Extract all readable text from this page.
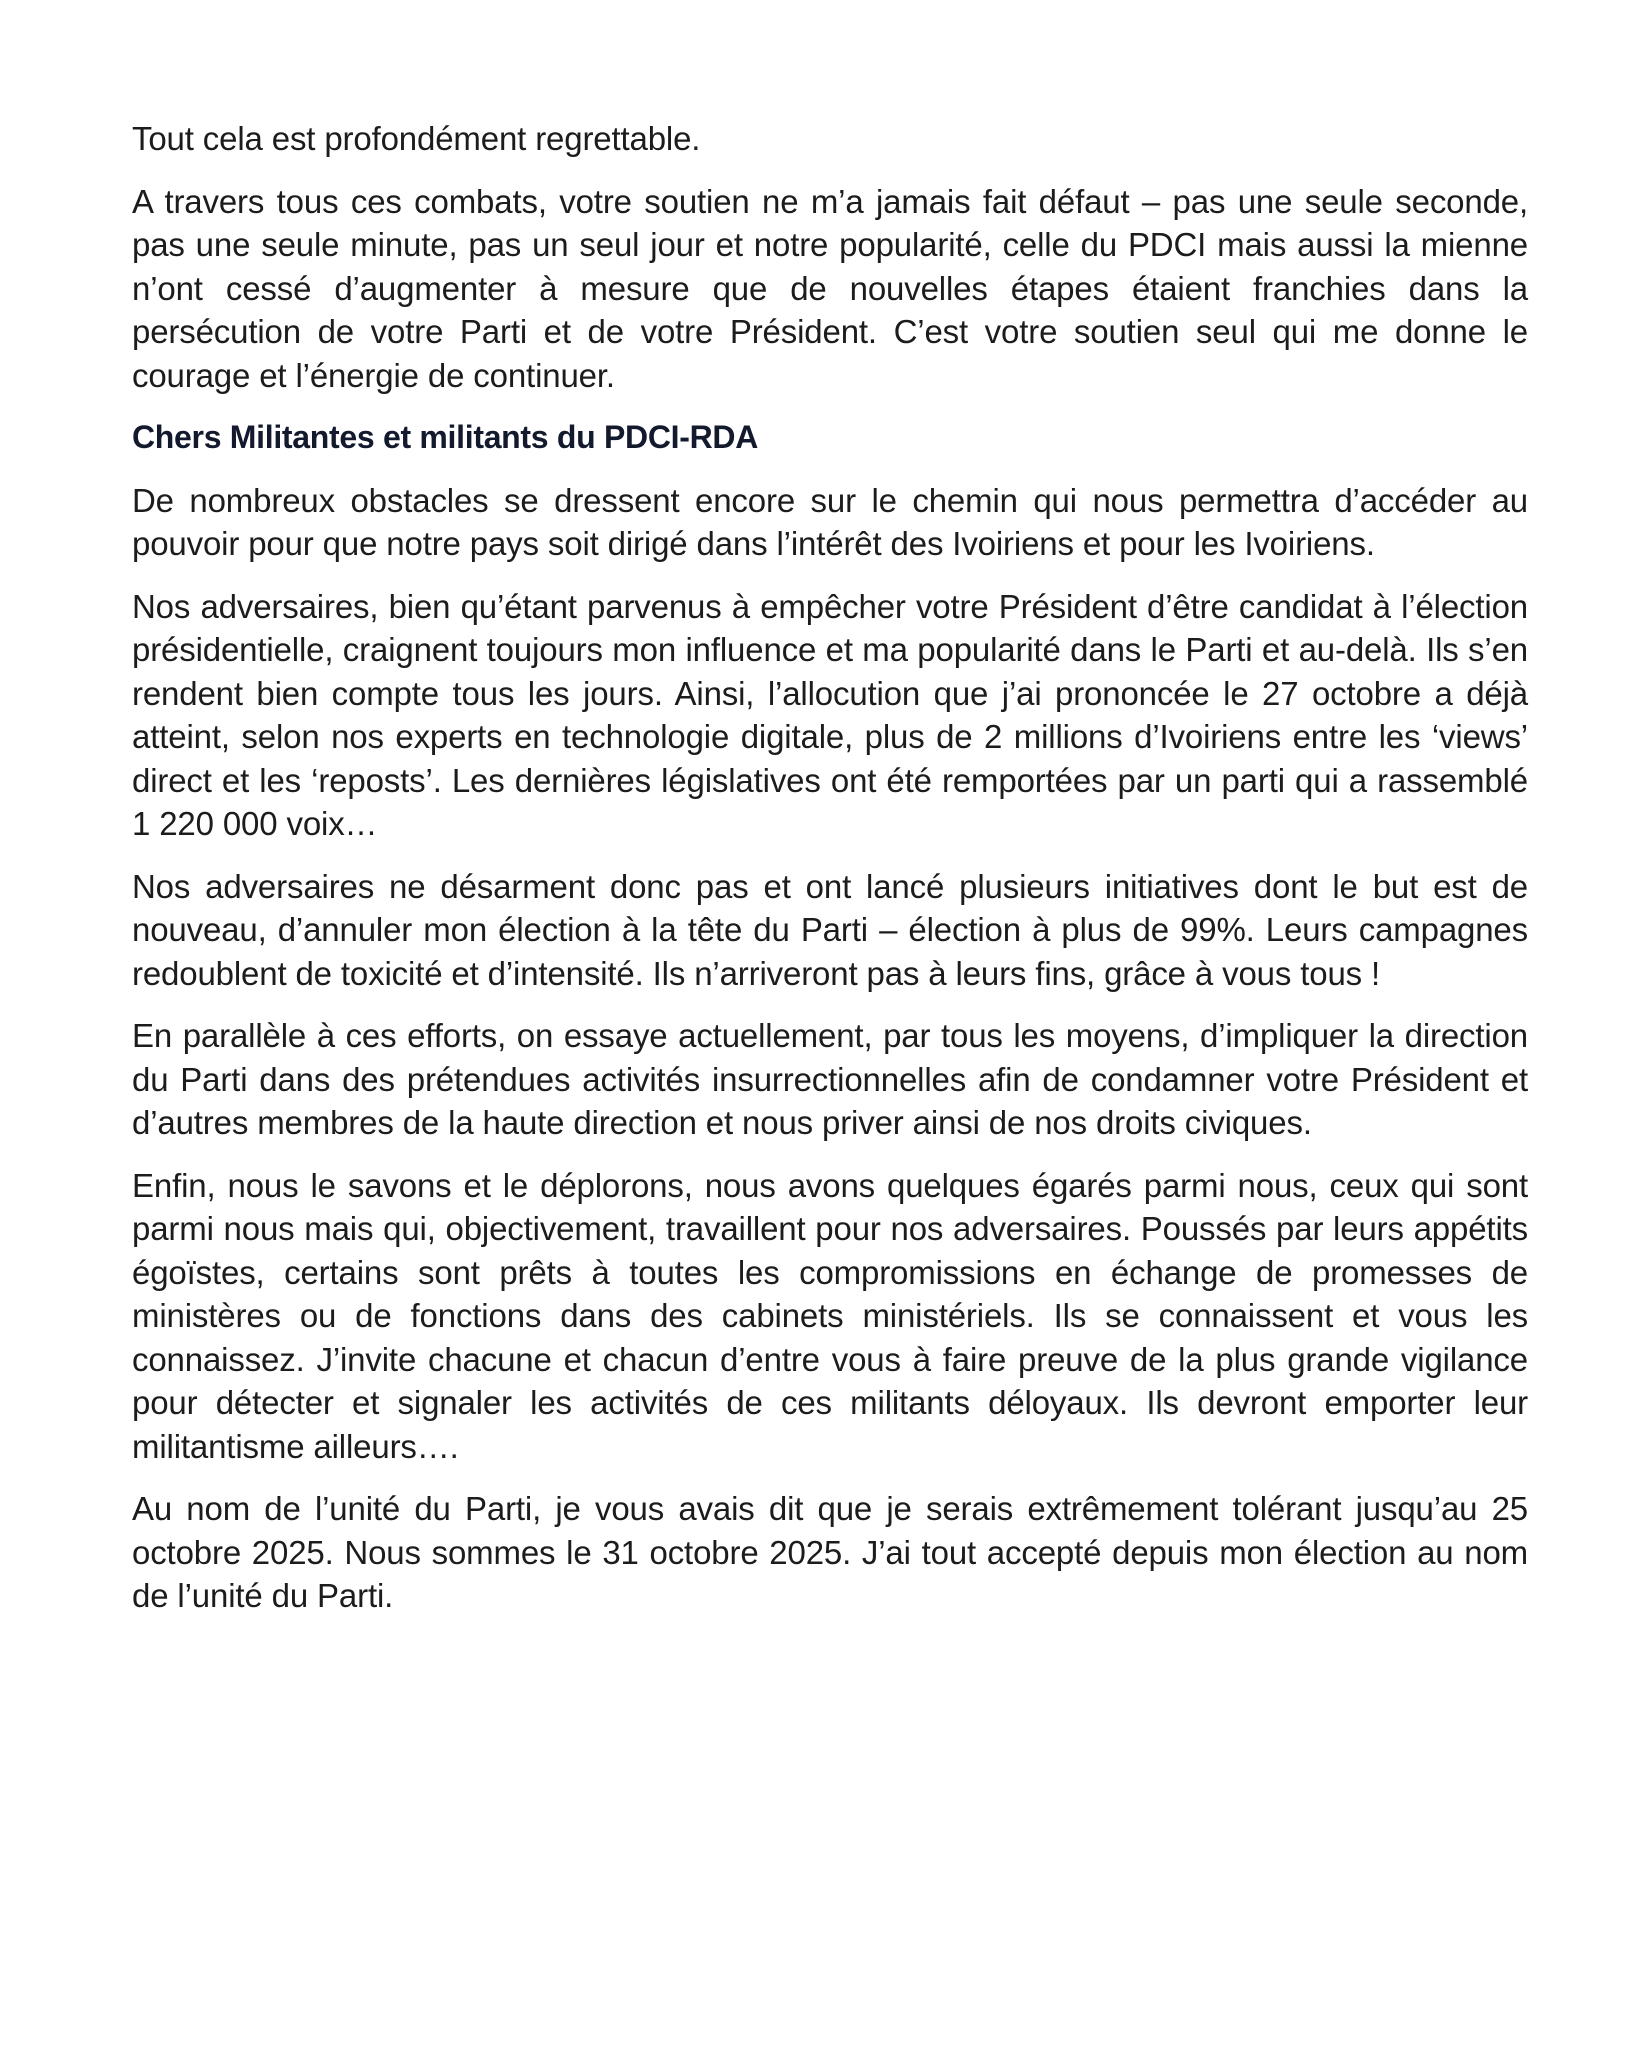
Tout cela est profondément regrettable.

A travers tous ces combats, votre soutien ne m’a jamais fait défaut – pas une seule seconde, pas une seule minute, pas un seul jour et notre popularité, celle du PDCI mais aussi la mienne n’ont cessé d’augmenter à mesure que de nouvelles étapes étaient franchies dans la persécution de votre Parti et de votre Président. C’est votre soutien seul qui me donne le courage et l’énergie de continuer.

Chers Militantes et militants du PDCI-RDA

De nombreux obstacles se dressent encore sur le chemin qui nous permettra d’accéder au pouvoir pour que notre pays soit dirigé dans l’intérêt des Ivoiriens et pour les Ivoiriens.

Nos adversaires, bien qu’étant parvenus à empêcher votre Président d’être candidat à l’élection présidentielle, craignent toujours mon influence et ma popularité dans le Parti et au-delà. Ils s’en rendent bien compte tous les jours. Ainsi, l’allocution que j’ai prononcée le 27 octobre a déjà atteint, selon nos experts en technologie digitale, plus de 2 millions d’Ivoiriens entre les ‘views’ direct et les ‘reposts’. Les dernières législatives ont été remportées par un parti qui a rassemblé 1 220 000 voix…

Nos adversaires ne désarment donc pas et ont lancé plusieurs initiatives dont le but est de nouveau, d’annuler mon élection à la tête du Parti – élection à plus de 99%. Leurs campagnes redoublent de toxicité et d’intensité. Ils n’arriveront pas à leurs fins, grâce à vous tous !

En parallèle à ces efforts, on essaye actuellement, par tous les moyens, d’impliquer la direction du Parti dans des prétendues activités insurrectionnelles afin de condamner votre Président et d’autres membres de la haute direction et nous priver ainsi de nos droits civiques.

Enfin, nous le savons et le déplorons, nous avons quelques égarés parmi nous, ceux qui sont parmi nous mais qui, objectivement, travaillent pour nos adversaires. Poussés par leurs appétits égoïstes, certains sont prêts à toutes les compromissions en échange de promesses de ministères ou de fonctions dans des cabinets ministériels. Ils se connaissent et vous les connaissez. J’invite chacune et chacun d’entre vous à faire preuve de la plus grande vigilance pour détecter et signaler les activités de ces militants déloyaux. Ils devront emporter leur militantisme ailleurs….

Au nom de l’unité du Parti, je vous avais dit que je serais extrêmement tolérant jusqu’au 25 octobre 2025. Nous sommes le 31 octobre 2025. J’ai tout accepté depuis mon élection au nom de l’unité du Parti.
